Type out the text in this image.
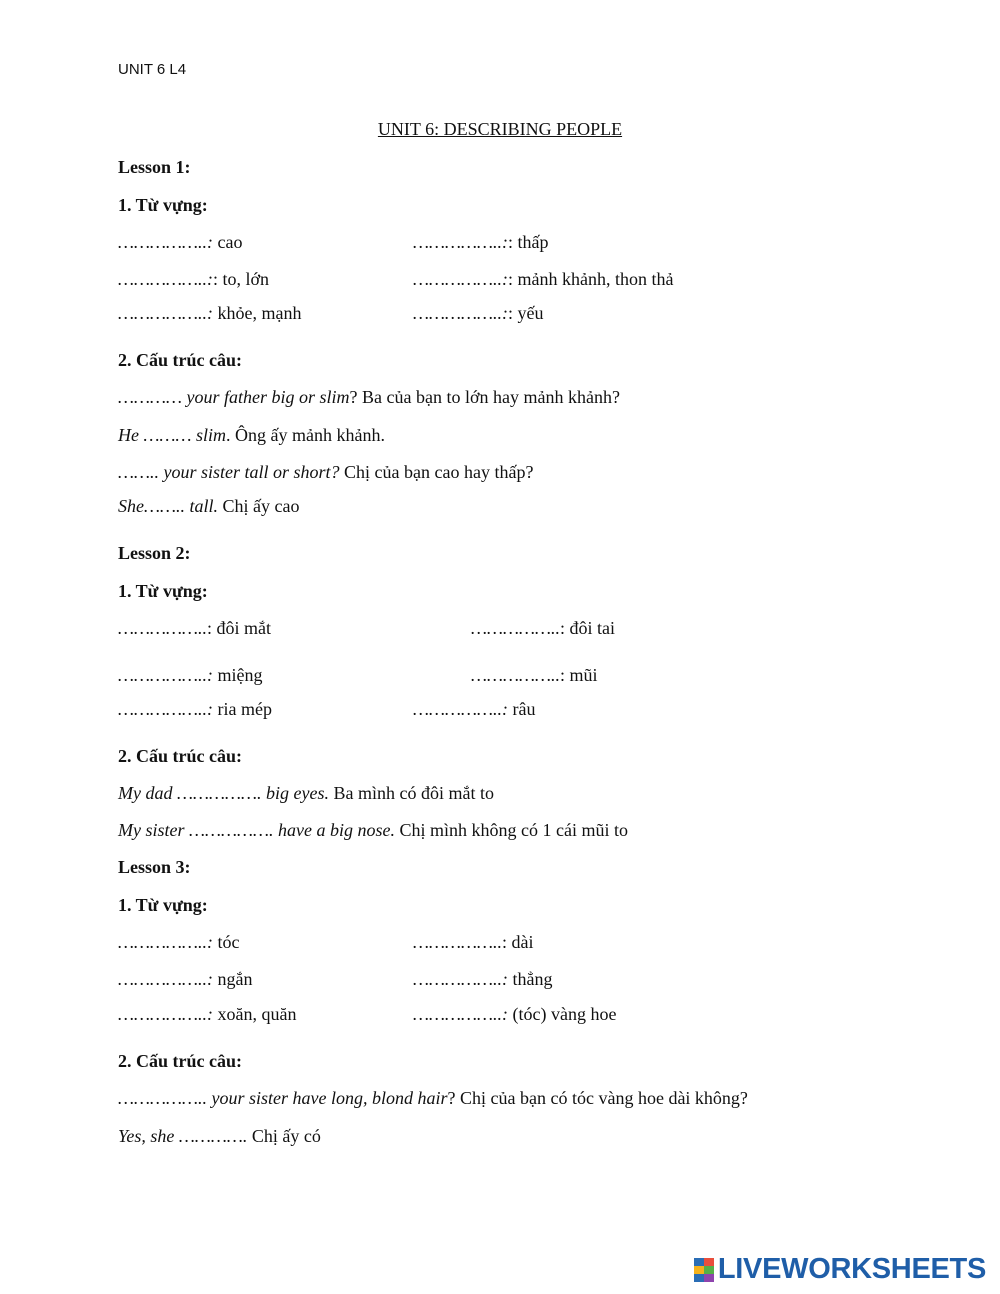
UNIT 6 L4
UNIT 6: DESCRIBING PEOPLE
Lesson 1:
1. Từ vựng:
……………..: cao	……………..:: thấp
……………..:: to, lớn	……………..:: mảnh khảnh, thon thả
……………..: khỏe, mạnh	……………..:: yếu
2. Cấu trúc câu:
………… your father big or slim? Ba của bạn to lớn hay mảnh khảnh?
He ……… slim. Ông ấy mảnh khảnh.
…….. your sister tall or short? Chị của bạn cao hay thấp?
She…….. tall. Chị ấy cao
Lesson 2:
1. Từ vựng:
……………..: đôi mắt	……………..: đôi tai
……………..: miệng	……………..: mũi
……………..: ria mép	……………..: râu
2. Cấu trúc câu:
My dad ……………. big eyes. Ba mình có đôi mắt to
My sister ……………. have a big nose. Chị mình không có 1 cái mũi to
Lesson 3:
1. Từ vựng:
……………..: tóc	……………..: dài
……………..: ngắn	……………..: thẳng
……………..: xoăn, quăn	……………..: (tóc) vàng hoe
2. Cấu trúc câu:
…………….. your sister have long, blond hair? Chị của bạn có tóc vàng hoe dài không?
Yes, she …………. Chị ấy có
LIVEWORKSHEETS
